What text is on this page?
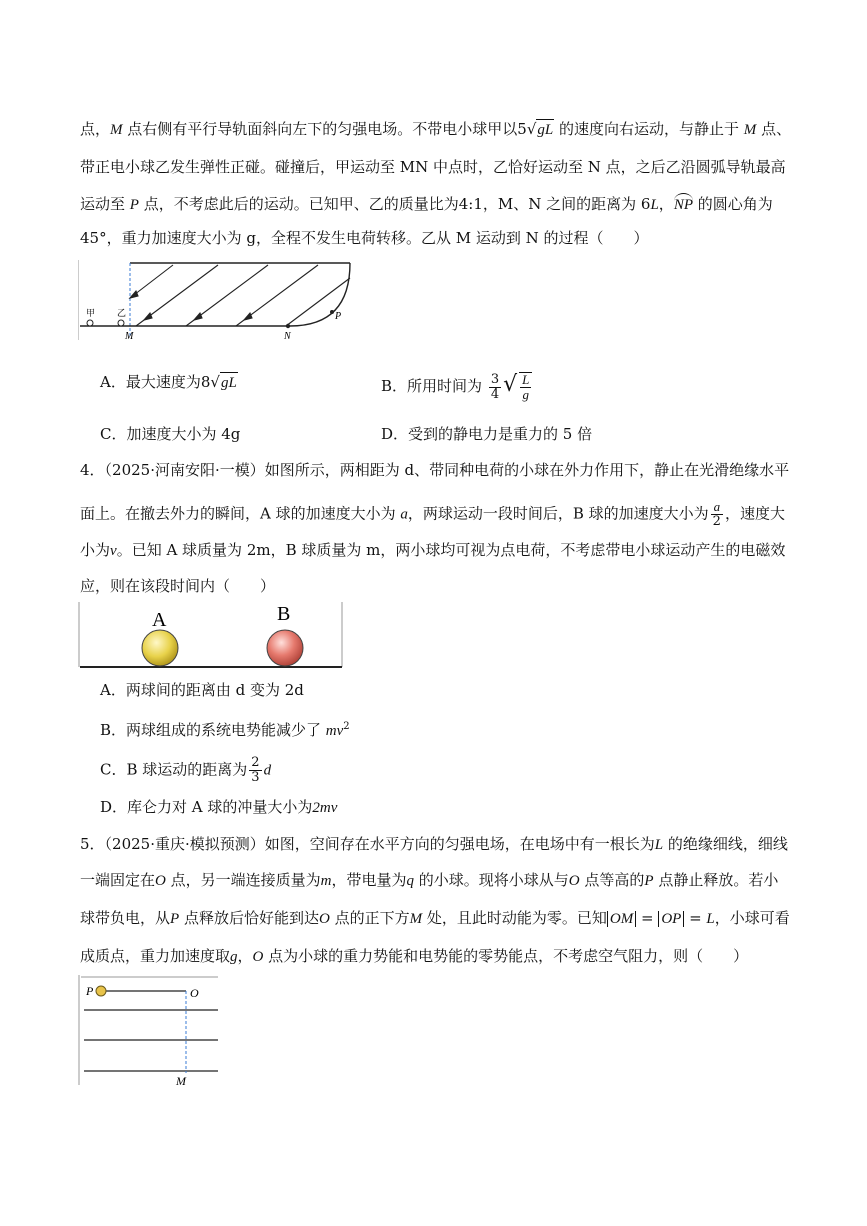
点，M 点右侧有平行导轨面斜向左下的匀强电场。不带电小球甲以5√gL 的速度向右运动，与静止于 M 点、
带正电小球乙发生弹性正碰。碰撞后，甲运动至 MN 中点时，乙恰好运动至 N 点，之后乙沿圆弧导轨最高
运动至 P 点，不考虑此后的运动。已知甲、乙的质量比为4:1，M、N 之间的距离为 6L，NP 的圆心角为
45°，重力加速度大小为 g，全程不发生电荷转移。乙从 M 运动到 N 的过程（　　）
甲 乙
M	N
P
A．最大速度为8√gL	B．所用时间为 $\frac{3}{4}$ √ $\frac{L}{g}$
C．加速度大小为 4g	D．受到的静电力是重力的 5 倍
4．（2025·河南安阳·一模）如图所示，两相距为 d、带同种电荷的小球在外力作用下，静止在光滑绝缘水平
面上。在撤去外力的瞬间，A 球的加速度大小为 a，两球运动一段时间后，B 球的加速度大小为 $\frac{a}{2}$ ，速度大
小为v。已知 A 球质量为 2m，B 球质量为 m，两小球均可视为点电荷，不考虑带电小球运动产生的电磁效
应，则在该段时间内（　　）
A	B
A．两球间的距离由 d 变为 2d
B．两球组成的系统电势能减少了 $mv^2$
C．B 球运动的距离为 $\frac{2}{3}$ d
D．库仑力对 A 球的冲量大小为2mv
5．（2025·重庆·模拟预测）如图，空间存在水平方向的匀强电场，在电场中有一根长为L 的绝缘细线，细线
一端固定在O 点，另一端连接质量为m，带电量为q 的小球。现将小球从与O 点等高的P 点静止释放。若小
球带负电，从P 点释放后恰好能到达O 点的正下方M 处，且此时动能为零。已知 OM = OP = L，小球可看
成质点，重力加速度取g，O 点为小球的重力势能和电势能的零势能点，不考虑空气阻力，则（　　）
P	O
M
